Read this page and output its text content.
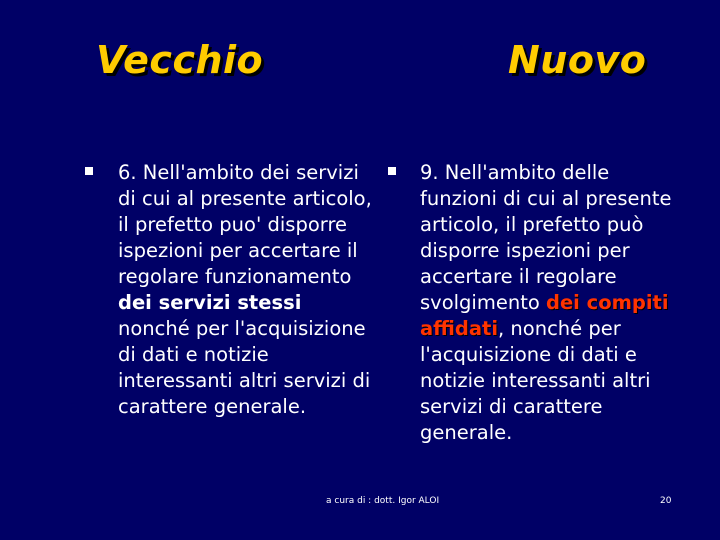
Vecchio	Nuovo
6. Nell'ambito dei servizi di cui al presente articolo, il prefetto puo' disporre ispezioni per accertare il regolare funzionamento dei servizi stessi nonché per l'acquisizione di dati e notizie interessanti altri servizi di carattere generale.
9. Nell'ambito delle funzioni di cui al presente articolo, il prefetto può disporre ispezioni per accertare il regolare svolgimento dei compiti affidati, nonché per l'acquisizione di dati e notizie interessanti altri servizi di carattere generale.
a cura di : dott. Igor ALOI	20
